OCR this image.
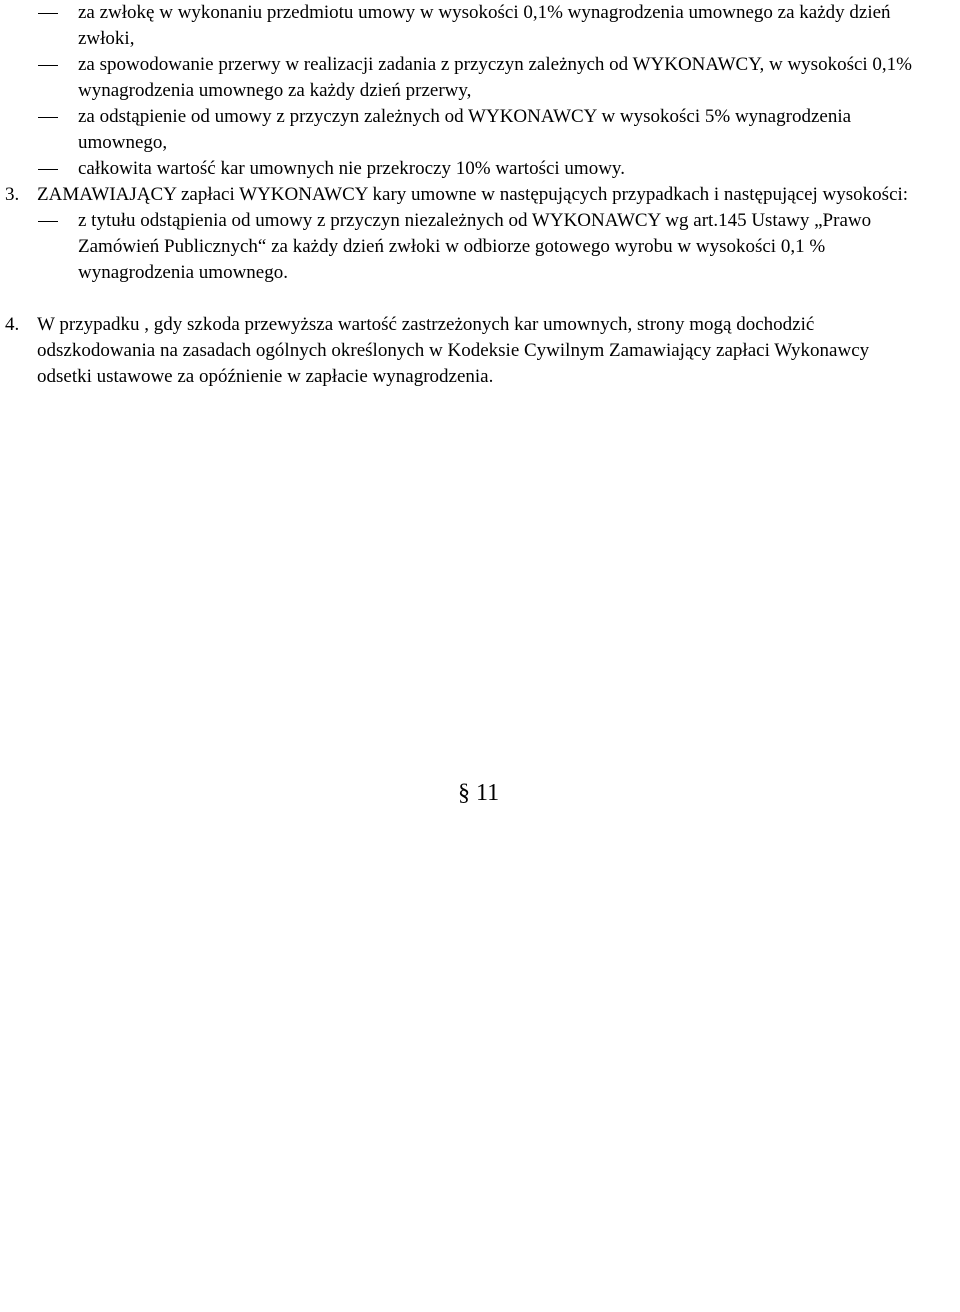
za zwłokę w wykonaniu przedmiotu umowy w wysokości 0,1% wynagrodzenia umownego za każdy dzień zwłoki,
za spowodowanie przerwy w realizacji zadania z przyczyn zależnych od WYKONAWCY, w wysokości 0,1% wynagrodzenia umownego za każdy dzień przerwy,
za odstąpienie od umowy z przyczyn zależnych od WYKONAWCY w wysokości 5% wynagrodzenia umownego,
całkowita wartość kar umownych nie przekroczy 10% wartości umowy.
3. ZAMAWIAJĄCY zapłaci WYKONAWCY kary umowne w następujących przypadkach i następującej wysokości:
z tytułu odstąpienia od umowy z przyczyn niezależnych od WYKONAWCY wg art.145 Ustawy „Prawo Zamówień Publicznych“ za każdy dzień zwłoki w odbiorze gotowego wyrobu w wysokości 0,1 % wynagrodzenia umownego.
4. W przypadku , gdy szkoda przewyższa wartość zastrzeżonych kar umownych, strony mogą dochodzić odszkodowania na zasadach ogólnych określonych w Kodeksie Cywilnym Zamawiający zapłaci Wykonawcy odsetki ustawowe za opóźnienie w zapłacie wynagrodzenia.
§ 11
